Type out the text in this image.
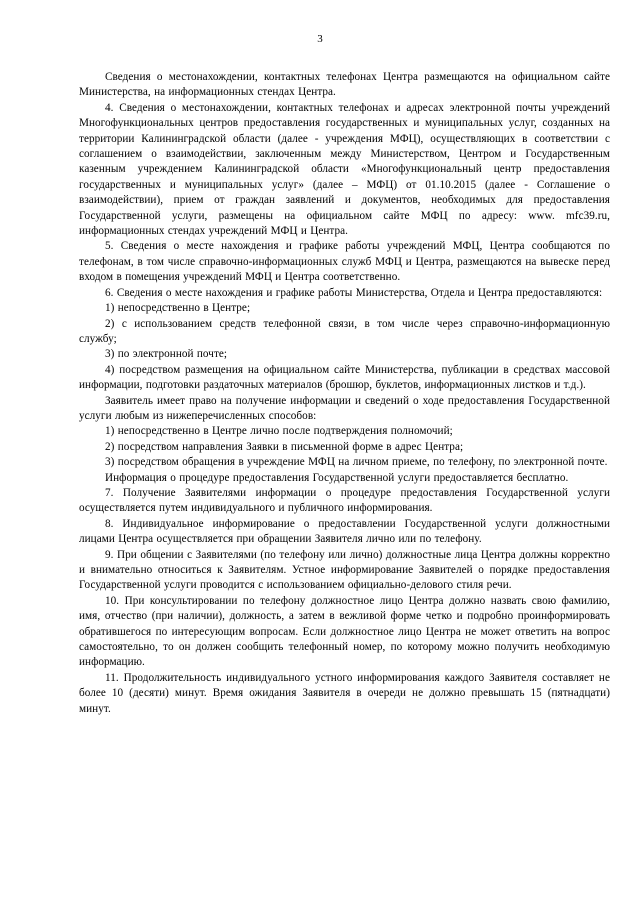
3

Сведения о местонахождении, контактных телефонах Центра размещаются на официальном сайте Министерства, на информационных стендах Центра.

4. Сведения о местонахождении, контактных телефонах и адресах электронной почты учреждений Многофункциональных центров предоставления государственных и муниципальных услуг, созданных на территории Калининградской области (далее - учреждения МФЦ), осуществляющих в соответствии с соглашением о взаимодействии, заключенным между Министерством, Центром и Государственным казенным учреждением Калининградской области «Многофункциональный центр предоставления государственных и муниципальных услуг» (далее – МФЦ) от 01.10.2015 (далее - Соглашение о взаимодействии), прием от граждан заявлений и документов, необходимых для предоставления Государственной услуги, размещены на официальном сайте МФЦ по адресу: www. mfc39.ru, информационных стендах учреждений МФЦ и Центра.

5. Сведения о месте нахождения и графике работы учреждений МФЦ, Центра сообщаются по телефонам, в том числе справочно-информационных служб МФЦ и Центра, размещаются на вывеске перед входом в помещения учреждений МФЦ и Центра соответственно.

6. Сведения о месте нахождения и графике работы Министерства, Отдела и Центра предоставляются:

1) непосредственно в Центре;

2) с использованием средств телефонной связи, в том числе через справочно-информационную службу;

3) по электронной почте;

4) посредством размещения на официальном сайте Министерства, публикации в средствах массовой информации, подготовки раздаточных материалов (брошюр, буклетов, информационных листков и т.д.).

Заявитель имеет право на получение информации и сведений о ходе предоставления Государственной услуги любым из нижеперечисленных способов:

1) непосредственно в Центре лично после подтверждения полномочий;

2) посредством направления Заявки в письменной форме в адрес Центра;

3) посредством обращения в учреждение МФЦ на личном приеме, по телефону, по электронной почте.

Информация о процедуре предоставления Государственной услуги предоставляется бесплатно.

7. Получение Заявителями информации о процедуре предоставления Государственной услуги осуществляется путем индивидуального и публичного информирования.

8. Индивидуальное информирование о предоставлении Государственной услуги должностными лицами Центра осуществляется при обращении Заявителя лично или по телефону.

9. При общении с Заявителями (по телефону или лично) должностные лица Центра должны корректно и внимательно относиться к Заявителям. Устное информирование Заявителей о порядке предоставления Государственной услуги проводится с использованием официально-делового стиля речи.

10. При консультировании по телефону должностное лицо Центра должно назвать свою фамилию, имя, отчество (при наличии), должность, а затем в вежливой форме четко и подробно проинформировать обратившегося по интересующим вопросам. Если должностное лицо Центра не может ответить на вопрос самостоятельно, то он должен сообщить телефонный номер, по которому можно получить необходимую информацию.

11. Продолжительность индивидуального устного информирования каждого Заявителя составляет не более 10 (десяти) минут. Время ожидания Заявителя в очереди не должно превышать 15 (пятнадцати) минут.
